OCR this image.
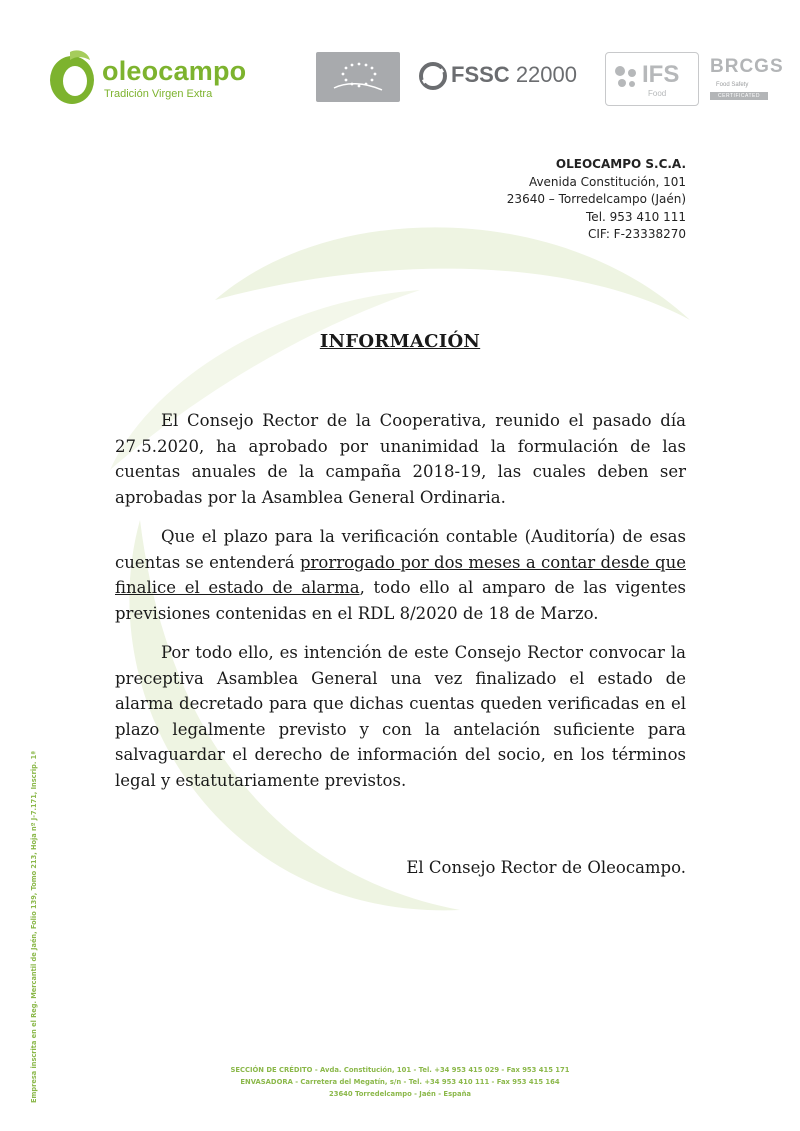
oleocampo
Tradición Virgen Extra
FSSC 22000	IFS
Food
BRCGS
Food Safety
CERTIFICATED
OLEOCAMPO S.C.A.
Avenida Constitución, 101
23640 – Torredelcampo (Jaén)
Tel. 953 410 111
CIF: F-23338270
INFORMACIÓN

El Consejo Rector de la Cooperativa, reunido el pasado día 27.5.2020, ha aprobado por unanimidad la formulación de las cuentas anuales de la campaña 2018-19, las cuales deben ser aprobadas por la Asamblea General Ordinaria.

Que el plazo para la verificación contable (Auditoría) de esas cuentas se entenderá prorrogado por dos meses a contar desde que finalice el estado de alarma, todo ello al amparo de las vigentes previsiones contenidas en el RDL 8/2020 de 18 de Marzo.

Por todo ello, es intención de este Consejo Rector convocar la preceptiva Asamblea General una vez finalizado el estado de alarma decretado para que dichas cuentas queden verificadas en el plazo legalmente previsto y con la antelación suficiente para salvaguardar el derecho de información del socio, en los términos legal y estatutariamente previstos.

El Consejo Rector de Oleocampo.
Empresa inscrita en el Reg. Mercantil de Jaén, Folio 139, Tomo 213, Hoja nº J-7.171, Inscrip. 1ª	SECCIÓN DE CRÉDITO - Avda. Constitución, 101 - Tel. +34 953 415 029 - Fax 953 415 171
ENVASADORA - Carretera del Megatín, s/n - Tel. +34 953 410 111 - Fax 953 415 164
23640 Torredelcampo - Jaén - España
